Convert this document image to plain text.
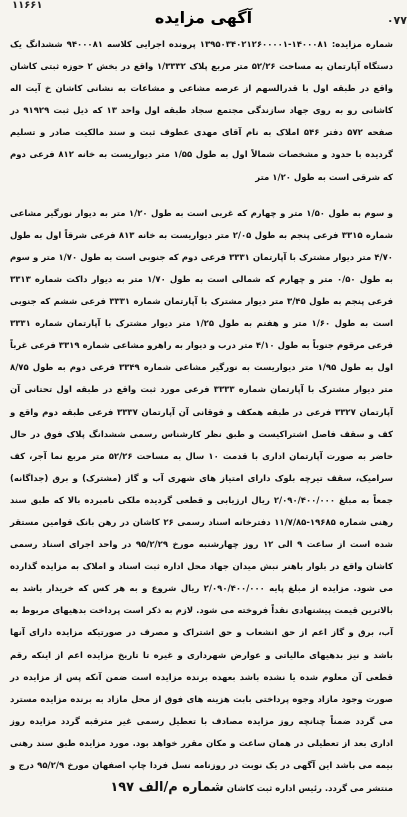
۱۱۶۶۱
۰۷۷
آگهی مزایده
شماره مزایده: ۱۴۰۰۰۸۱-۱۳۹۵۰۳۴۰۲۱۲۶۰۰۰۰۱ پرونده اجرایی کلاسه ۹۴۰۰۰۸۱ ششدانگ یک دستگاه آپارتمان به مساحت ۵۲/۲۶ متر مربع پلاک ۱/۳۳۳۲ واقع در بخش ۲ حوزه ثبتی کاشان واقع در طبقه اول با قدرالسهم از عرصه مشاعی و مشاعات به نشانی کاشان خ آیت اله کاشانی رو به روی جهاد سازندگی مجتمع سجاد طبقه اول واحد ۱۳ که ذیل ثبت ۹۱۹۲۹ در صفحه ۵۷۲ دفتر ۵۴۶ املاک به نام آقای مهدی عطوف ثبت و سند مالکیت صادر و تسلیم گردیده با حدود و مشخصات شمالاً اول به طول ۱/۵۵ متر دیواریست به خانه ۸۱۲ فرعی دوم که شرقی است به طول ۱/۲۰ متر
و سوم به طول ۱/۵۰ متر و چهارم که غربی است به طول ۱/۲۰ متر به دیوار نورگیر مشاعی شماره ۳۳۱۵ فرعی پنجم به طول ۲/۰۵ متر دیواریست به خانه ۸۱۳ فرعی شرقاً اول به طول ۴/۷۰ متر دیوار مشترک با آپارتمان ۳۳۳۱ فرعی دوم که جنوبی است به طول ۱/۷۰ متر و سوم به طول ۰/۵۰ متر و چهارم که شمالی است به طول ۱/۷۰ متر به دیوار داکت شماره ۳۳۱۳ فرعی پنجم به طول ۳/۴۵ متر دیوار مشترک با آپارتمان شماره ۳۳۳۱ فرعی ششم که جنوبی است به طول ۱/۶۰ متر و هفتم به طول ۱/۲۵ متر دیوار مشترک با آپارتمان شماره ۳۳۳۱ فرعی مرقوم جنوباً به طول ۴/۱۰ متر درب و دیوار به راهرو مشاعی شماره ۳۳۱۹ فرعی غرباً اول به طول ۱/۹۵ متر دیواریست به نورگیر مشاعی شماره ۳۳۴۹ فرعی دوم به طول ۸/۷۵ متر دیوار مشترک با آپارتمان شماره ۳۳۳۳ فرعی مورد ثبت واقع در طبقه اول تحتانی آن آپارتمان ۳۳۲۷ فرعی در طبقه همکف و فوقانی آن آپارتمان ۳۳۳۷ فرعی طبقه دوم واقع و کف و سقف فاصل اشتراکیست و طبق نظر کارشناس رسمی ششدانگ پلاک فوق در حال حاضر به صورت آپارتمان اداری با قدمت ۱۰ سال به مساحت ۵۲/۲۶ متر مربع نما آجر، کف سرامیک، سقف تیرچه بلوک دارای امتیاز های شهری آب و گاز (مشترک) و برق (جداگانه) جمعاً به مبلغ ۲/۰۹۰/۴۰۰/۰۰۰ ریال ارزیابی و قطعی گردیده ملکی نامبرده بالا که طبق سند رهنی شماره ۱۹۶۸۵-۱۱/۷/۸۵ دفترخانه اسناد رسمی ۲۶ کاشان در رهن بانک قوامین مستقر شده است از ساعت ۹ الی ۱۲ روز چهارشنبه مورخ ۹۵/۲/۲۹ در واحد اجرای اسناد رسمی کاشان واقع در بلوار باهنر نبش میدان جهاد محل اداره ثبت اسناد و املاک به مزایده گذارده می شود. مزایده از مبلغ پایه ۲/۰۹۰/۴۰۰/۰۰۰ ریال شروع و به هر کس که خریدار باشد به بالاترین قیمت پیشنهادی نقداً فروخته می شود. لازم به ذکر است پرداخت بدهیهای مربوط به آب، برق و گاز اعم از حق انشعاب و حق اشتراک و مصرف در صورتیکه مزایده دارای آنها باشد و نیز بدهیهای مالیاتی و عوارض شهرداری و غیره تا تاریخ مزایده اعم از اینکه رقم قطعی آن معلوم شده یا نشده باشد بعهده برنده مزایده است ضمن آنکه پس از مزایده در صورت وجود مازاد وجوه پرداختی بابت هزینه های فوق از محل مازاد به برنده مزایده مسترد می گردد ضمناً چنانچه روز مزایده مصادف با تعطیل رسمی غیر مترقبه گردد مزایده روز اداری بعد از تعطیلی در همان ساعت و مکان مقرر خواهد بود. مورد مزایده طبق سند رهنی بیمه می باشد این آگهی در یک نوبت در روزنامه نسل فردا چاپ اصفهان مورخ ۹۵/۲/۹ درج و منتشر می گردد. رئیس اداره ثبت کاشان شماره م/الف ۱۹۷
